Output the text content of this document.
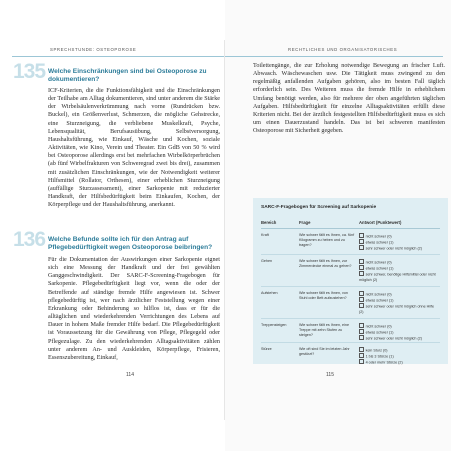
SPRECHSTUNDE: OSTEOPOROSE
135 Welche Einschränkungen sind bei Osteoporose zu dokumentieren?
ICF-Kriterien, die die Funktionsfähigkeit und die Einschränkungen der Teilhabe am Alltag dokumentieren, sind unter anderem die Stärke der Wirbelsäulenverkrümmung nach vorne (Rundrücken bzw. Buckel), ein Größenverlust, Schmerzen, die mögliche Gehstrecke, eine Sturzneigung, die verbliebene Muskelkraft, Psyche, Lebensqualität, Berufsausübung, Selbstversorgung, Haushaltsführung, wie Einkauf, Wäsche und Kochen, soziale Aktivitäten, wie Kino, Verein und Theater. Ein GdB von 50 % wird bei Osteoporose allerdings erst bei mehrfachen Wirbelkörperbrüchen (ab fünf Wirbelfrakturen von Schweregrad zwei bis drei), zusammen mit zusätzlichen Einschränkungen, wie der Notwendigkeit weiterer Hilfsmittel (Rollator, Orthesen), einer erheblichen Sturzneigung (auffällige Sturzassessment), einer Sarkopenie mit reduzierter Handkraft, der Hilfsbedürftigkeit beim Einkaufen, Kochen, der Körperpflege und der Haushaltsführung, anerkannt.
136 Welche Befunde sollte ich für den Antrag auf Pflegebedürftigkeit wegen Osteoporose beibringen?
Für die Dokumentation der Auswirkungen einer Sarkopenie eignet sich eine Messung der Handkraft und der frei gewählten Ganggeschwindigkeit. Der SARC-F-Screening-Fragebogen für Sarkopenie. Pflegebedürftigkeit liegt vor, wenn die oder der Betreffende auf ständige fremde Hilfe angewiesen ist. Schwer pflegebedürftig ist, wer nach ärztlicher Feststellung wegen einer Erkrankung oder Behinderung so hilflos ist, dass er für die alltäglichen und wiederkehrenden Verrichtungen des Lebens auf Dauer in hohem Maße fremder Hilfe bedarf. Die Pflegebedürftigkeit ist Voraussetzung für die Gewährung von Pflege, Pflegegeld oder Pflegezulage. Zu den wiederkehrenden Alltagsaktivitäten zählen unter anderem An- und Auskleiden, Körperpflege, Frisieren, Essenszubereitung, Einkauf,
114
RECHTLICHES UND ORGANISATORISCHES
Toilettengänge, die zur Erholung notwendige Bewegung an frischer Luft. Abwasch. Wäschewaschen usw. Die Tätigkeit muss zwingend zu den regelmäßig anfallenden Aufgaben gehören, also im besten Fall täglich erforderlich sein. Des Weiteren muss die fremde Hilfe in erheblichem Umfang benötigt werden, also für mehrere der oben angeführten täglichen Aufgaben. Hilfsbedürftigkeit für einzelne Alltagsaktivitäten erfüllt diese Kriterien nicht. Bei der ärztlich festgestellten Hilfsbedürftigkeit muss es sich um einen Dauerzustand handeln. Das ist bei schweren manifesten Osteoporose mit Sicherheit gegeben.
115
SARC-F-Fragebogen für Screening auf Sarkopenie
Bereich	Frage	Antwort (Punktewert)
Kraft	Wie schwer fällt es Ihnen, ca. fünf Kilogramm zu heben und zu tragen?
nicht schwer (0)
etwas schwer (1)
sehr schwer oder nicht möglich (2)
Gehen	Wie schwer fällt es Ihnen, zur Zimmerdecke einmal zu gehen?
nicht schwer (0)
etwas schwer (1)
sehr schwer, benötige Hilfsmittel oder nicht möglich (2)
Aufstehen	Wie schwer fällt es Ihnen, von Stuhl oder Bett aufzustehen?
nicht schwer (0)
etwas schwer (1)
sehr schwer oder nicht möglich ohne Hilfe (2)
Treppensteigen	Wie schwer fällt es Ihnen, eine Treppe mit zehn Stufen zu steigen?
nicht schwer (0)
etwas schwer (1)
sehr schwer oder nicht möglich (2)
Stürze	Wie oft sind Sie im letzten Jahr gestürzt?
kein Sturz (0)
1 bis 3 Stürze (1)
4 oder mehr Stürze (2)
